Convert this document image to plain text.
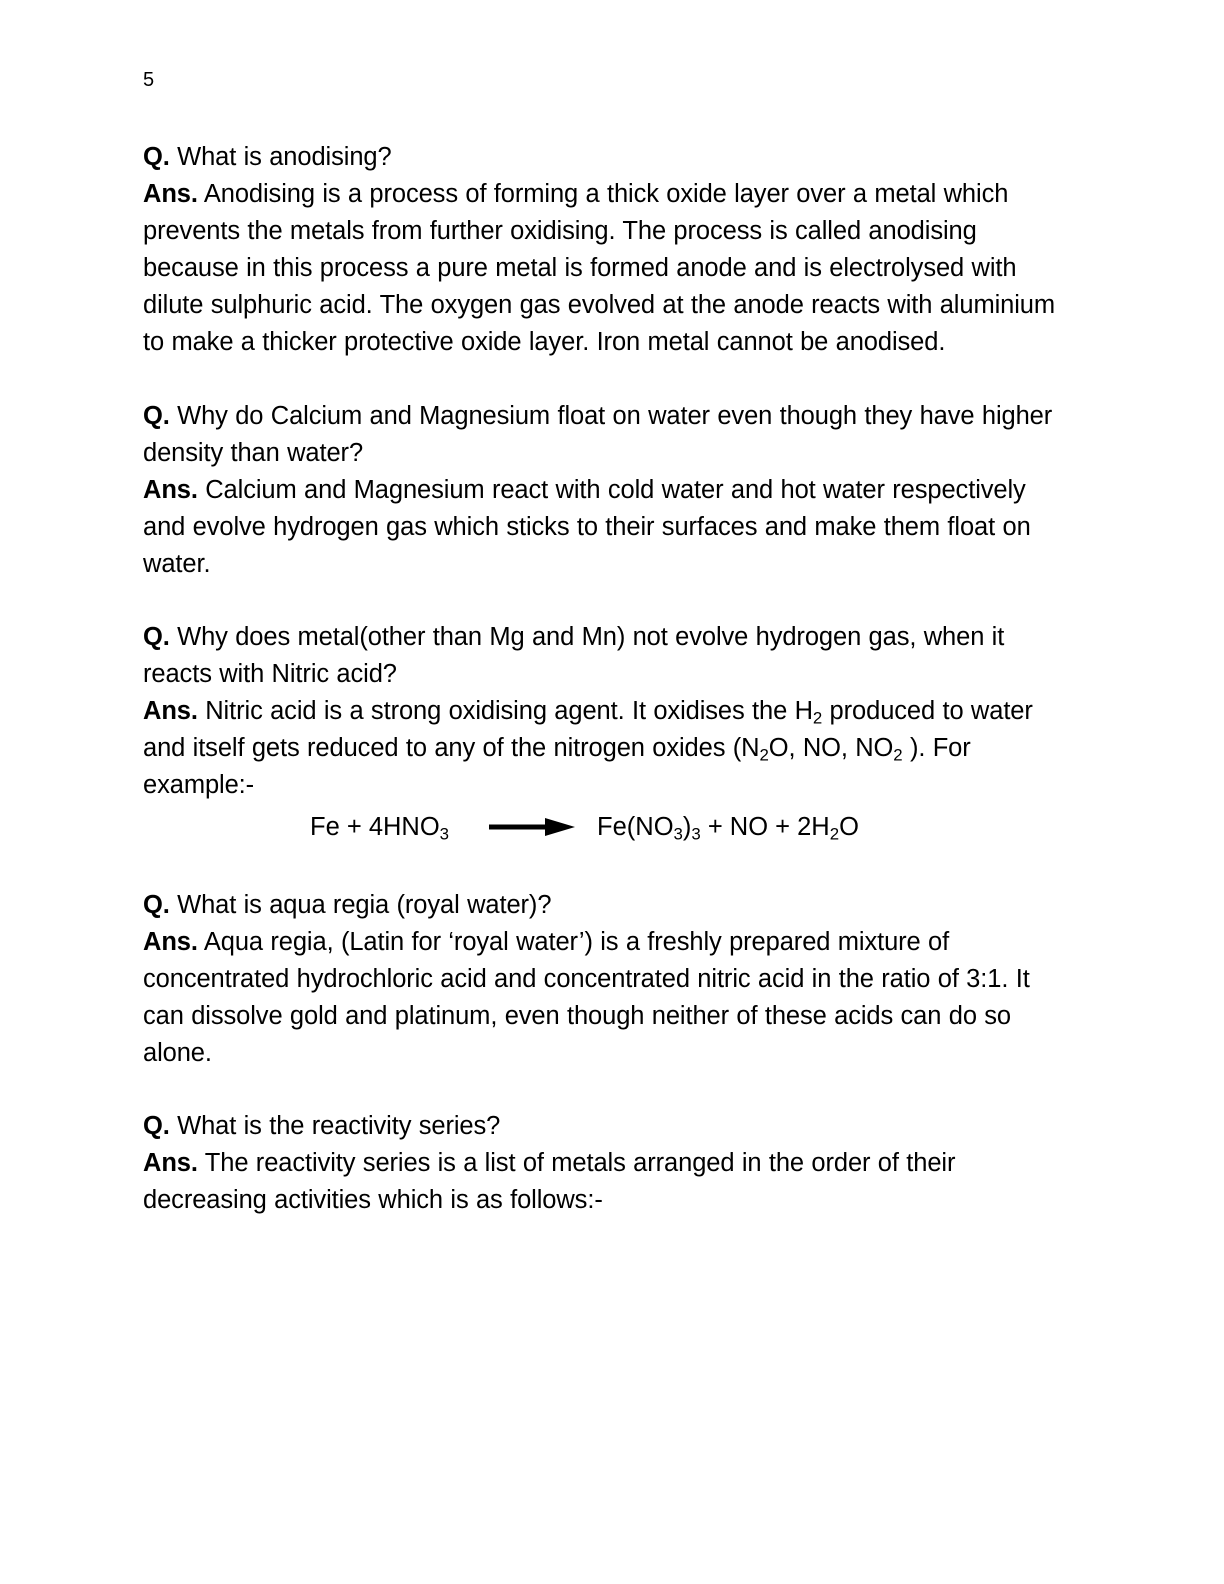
5

Q. What is anodising?

Ans. Anodising is a process of forming a thick oxide layer over a metal which prevents the metals from further oxidising. The process is called anodising because in this process a pure metal is formed anode and is electrolysed with dilute sulphuric acid. The oxygen gas evolved at the anode reacts with aluminium to make a thicker protective oxide layer. Iron metal cannot be anodised.

Q. Why do Calcium and Magnesium float on water even though they have higher density than water?

Ans. Calcium and Magnesium react with cold water and hot water respectively and evolve hydrogen gas which sticks to their surfaces and make them float on water.

Q. Why does metal(other than Mg and Mn) not evolve hydrogen gas, when it reacts with Nitric acid?

Ans. Nitric acid is a strong oxidising agent. It oxidises the $H_2$ produced to water and itself gets reduced to any of the nitrogen oxides ($N_2O$, NO, $NO_2$ ). For example:-

$Fe + 4HNO_3$	$Fe(NO_3)_3$ + NO + $2H_2O$

Q. What is aqua regia (royal water)?

Ans. Aqua regia, (Latin for ‘royal water’) is a freshly prepared mixture of concentrated hydrochloric acid and concentrated nitric acid in the ratio of 3:1. It can dissolve gold and platinum, even though neither of these acids can do so alone.

Q. What is the reactivity series?

Ans. The reactivity series is a list of metals arranged in the order of their decreasing activities which is as follows:-
